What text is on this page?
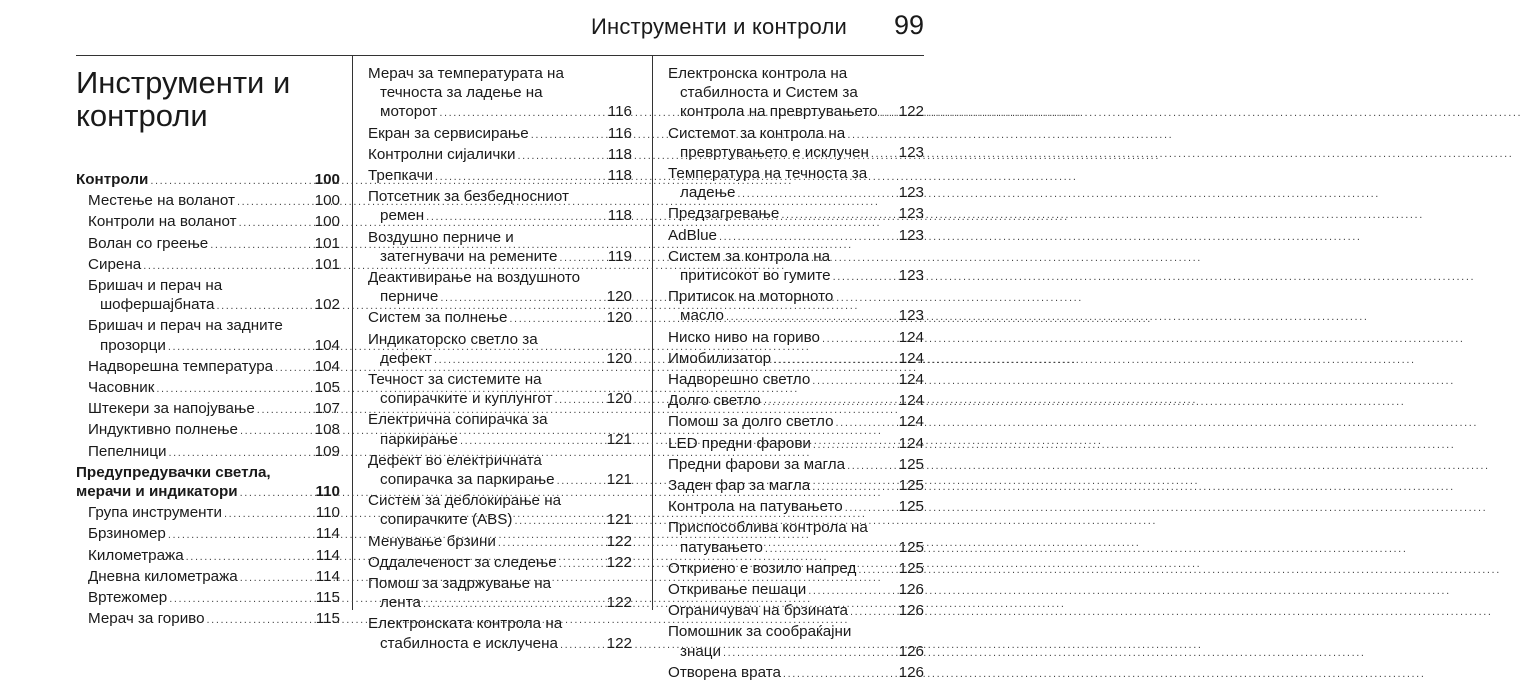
Инструменти и контроли 99
Инструменти и
контроли
Контроли .....	100
Местење на воланот .....	100
Контроли на воланот .....	100
Волан со греење .....	101
Сирена .....	101
Бришач и перач на
шофершајбната .....	102
Бришач и перач на задните
прозорци .....	104
Надворешна температура .....	104
Часовник .....	105
Штекери за напојување .....	107
Индуктивно полнење .....	108
Пепелници .....	109
Предупредувачки светла,
мерачи и индикатори .....	110
Група инструменти .....	110
Брзиномер .....	114
Километража .....	114
Дневна километража .....	114
Вртежомер .....	115
Мерач за гориво .....	115
Мерач за температурата на
течноста за ладење на
моторот .....	116
Екран за сервисирање .....	116
Контролни сијалички .....	118
Трепкачи .....	118
Потсетник за безбедносниот
ремен .....	118
Воздушно перниче и
затегнувачи на ремените .....	119
Деактивирање на воздушното
перниче .....	120
Систем за полнење .....	120
Индикаторско светло за
дефект .....	120
Течност за системите на
сопирачките и куплунгот .....	120
Електрична сопирачка за
паркирање .....	121
Дефект во електричната
сопирачка за паркирање .....	121
Систем за деблокирање на
сопирачките (ABS) .....	121
Менување брзини .....	122
Оддалеченост за следење .....	122
Помош за задржување на
лента .....	122
Електронската контрола на
стабилноста е исклучена .....	122
Електронска контрола на
стабилноста и Систем за
контрола на превртувањето ..... 122
Системот за контрола на
превртувањето е исклучен ..... 123
Температура на течноста за
ладење .....	123
Предзагревање .....	123
AdBlue .....	123
Систем за контрола на
притисокот во гумите .....	123
Притисок на моторното
масло .....	123
Ниско ниво на гориво .....	124
Имобилизатор .....	124
Надворешно светло .....	124
Долго светло .....	124
Помош за долго светло .....	124
LED предни фарови .....	124
Предни фарови за магла .....	125
Заден фар за магла .....	125
Контрола на патувањето .....	125
Приспособлива контрола на
патувањето .....	125
Откриено е возило напред .....	125
Откривање пешаци .....	126
Ограничувач на брзината .....	126
Помошник за сообраќајни
знаци .....	126
Отворена врата .....	126
